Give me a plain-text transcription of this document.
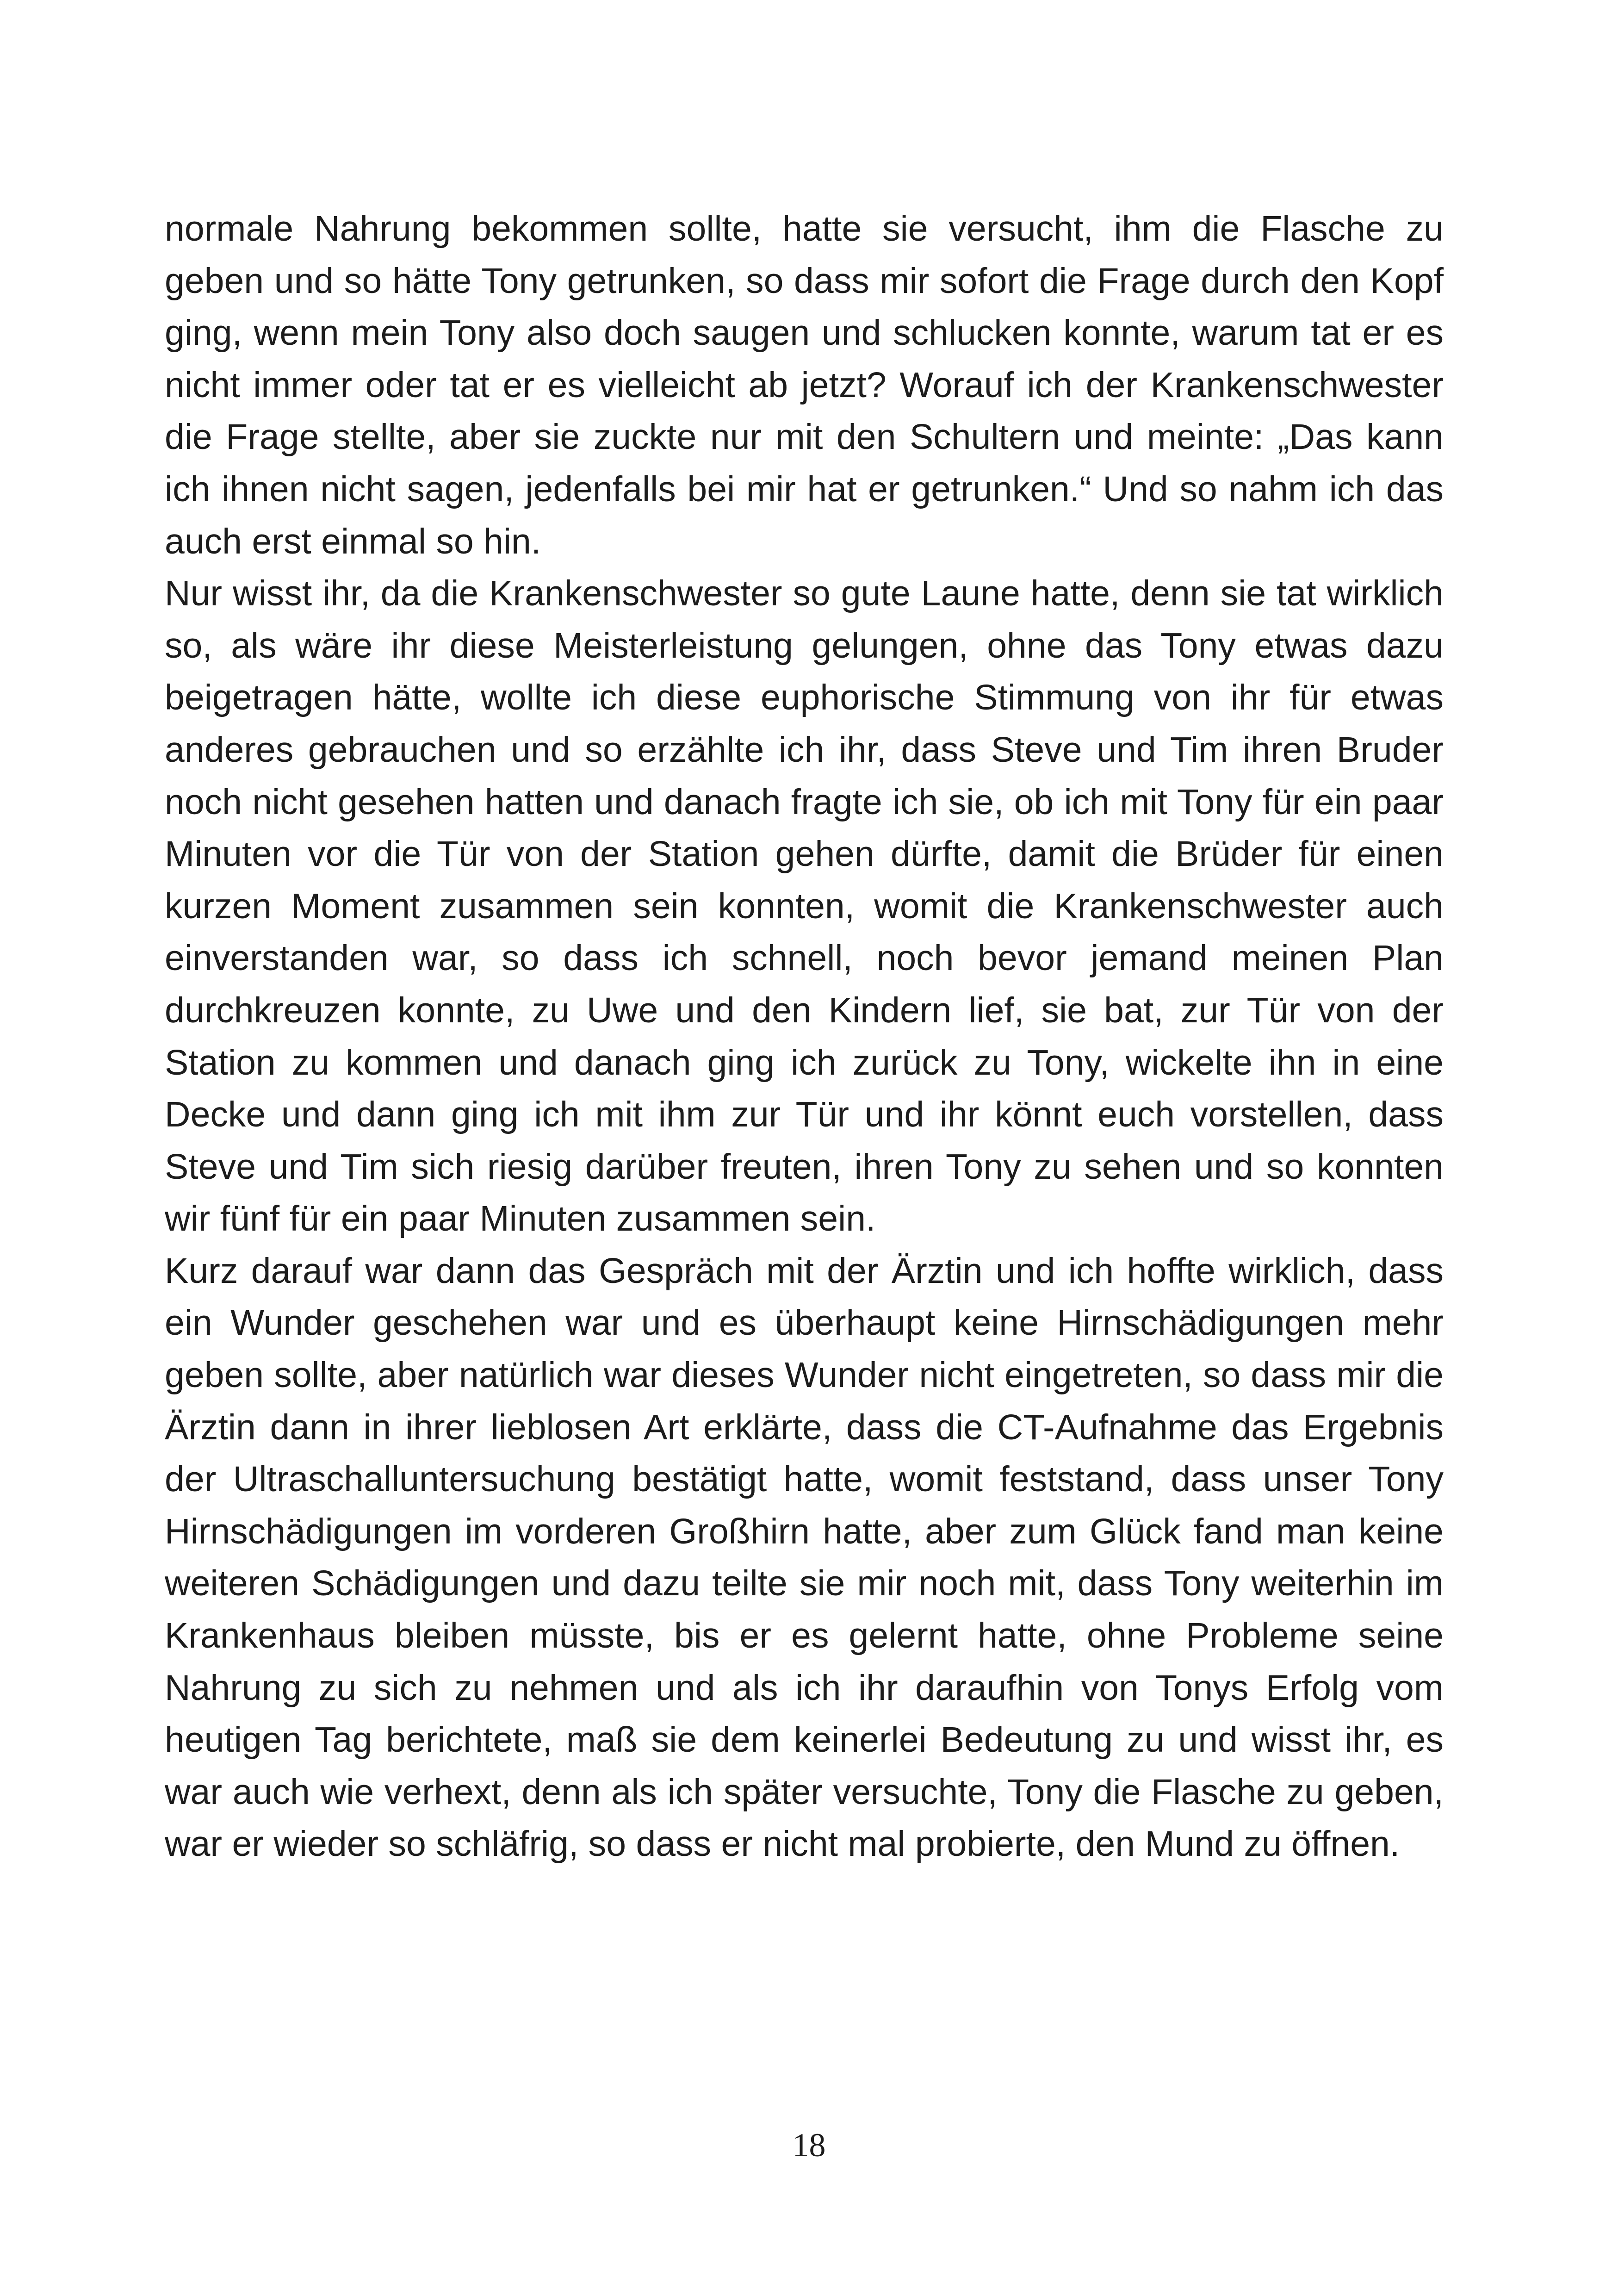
normale Nahrung bekommen sollte, hatte sie versucht, ihm die Flasche zu geben und so hätte Tony getrunken, so dass mir sofort die Frage durch den Kopf ging, wenn mein Tony also doch saugen und schlucken konnte, warum tat er es nicht immer oder tat er es vielleicht ab jetzt? Worauf ich der Krankenschwester die Frage stellte, aber sie zuckte nur mit den Schultern und meinte: „Das kann ich ihnen nicht sagen, jedenfalls bei mir hat er getrunken.“ Und so nahm ich das auch erst einmal so hin.

Nur wisst ihr, da die Krankenschwester so gute Laune hatte, denn sie tat wirklich so, als wäre ihr diese Meisterleistung gelungen, ohne das Tony etwas dazu beigetragen hätte, wollte ich diese euphorische Stimmung von ihr für etwas anderes gebrauchen und so erzählte ich ihr, dass Steve und Tim ihren Bruder noch nicht gesehen hatten und danach fragte ich sie, ob ich mit Tony für ein paar Minuten vor die Tür von der Station gehen dürfte, damit die Brüder für einen kurzen Moment zusammen sein konnten, womit die Krankenschwester auch einverstanden war, so dass ich schnell, noch bevor jemand meinen Plan durchkreuzen konnte, zu Uwe und den Kindern lief, sie bat, zur Tür von der Station zu kommen und danach ging ich zurück zu Tony, wickelte ihn in eine Decke und dann ging ich mit ihm zur Tür und ihr könnt euch vorstellen, dass Steve und Tim sich riesig darüber freuten, ihren Tony zu sehen und so konnten wir fünf für ein paar Minuten zusammen sein.

Kurz darauf war dann das Gespräch mit der Ärztin und ich hoffte wirklich, dass ein Wunder geschehen war und es überhaupt keine Hirnschädigungen mehr geben sollte, aber natürlich war dieses Wunder nicht eingetreten, so dass mir die Ärztin dann in ihrer lieblosen Art erklärte, dass die CT-Aufnahme das Ergebnis der Ultraschalluntersuchung bestätigt hatte, womit feststand, dass unser Tony Hirnschädigungen im vorderen Großhirn hatte, aber zum Glück fand man keine weiteren Schädigungen und dazu teilte sie mir noch mit, dass Tony weiterhin im Krankenhaus bleiben müsste, bis er es gelernt hatte, ohne Probleme seine Nahrung zu sich zu nehmen und als ich ihr daraufhin von Tonys Erfolg vom heutigen Tag berichtete, maß sie dem keinerlei Bedeutung zu und wisst ihr, es war auch wie verhext, denn als ich später versuchte, Tony die Flasche zu geben, war er wieder so schläfrig, so dass er nicht mal probierte, den Mund zu öffnen.

18
